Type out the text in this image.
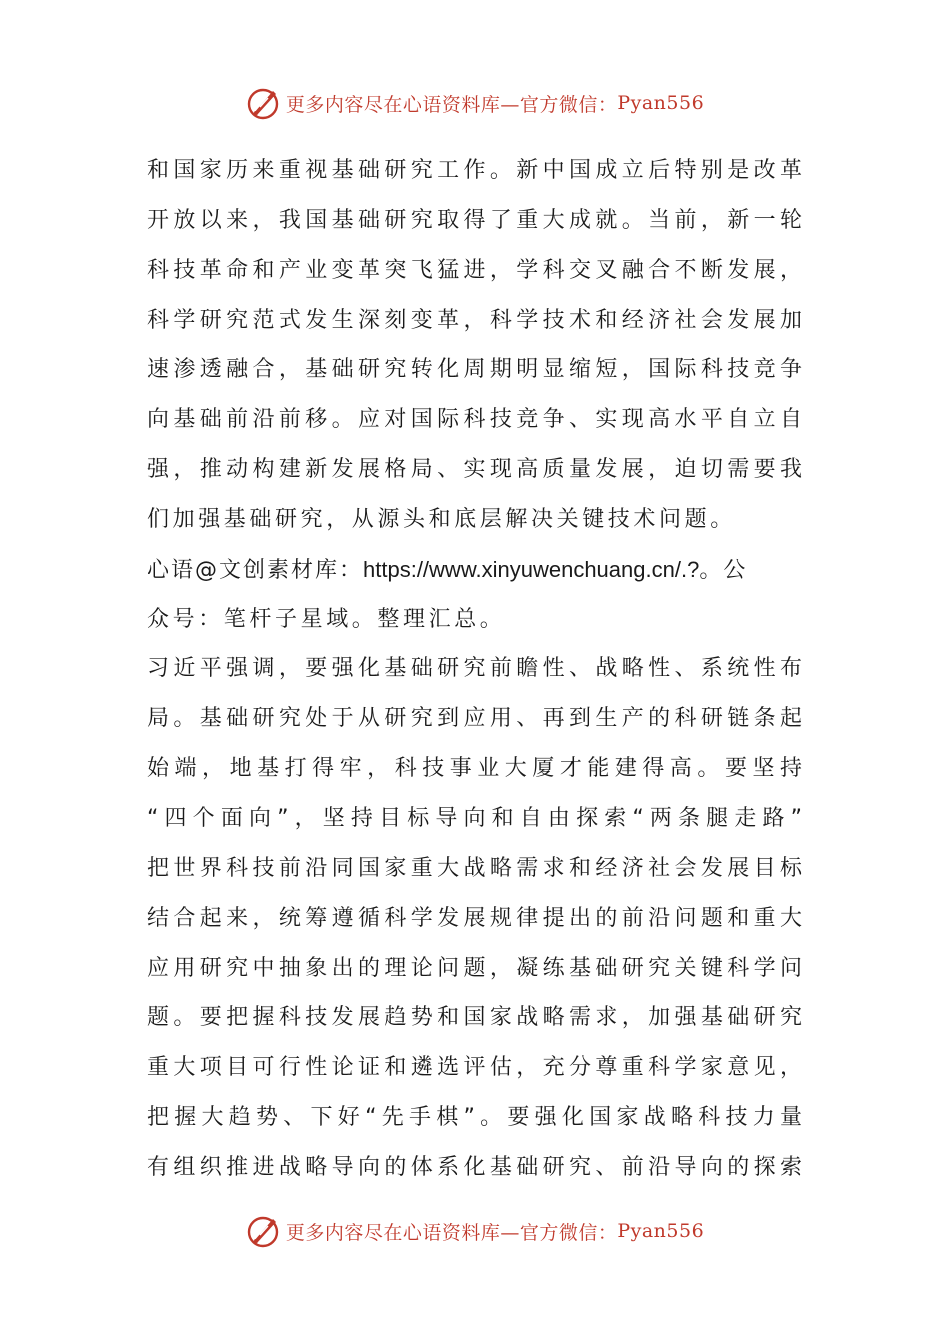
更多内容尽在心语资料库—官方微信： Pyan556
和国家历来重视基础研究工作。新中国成立后特别是改革
开放以来，我国基础研究取得了重大成就。当前，新一轮
科技革命和产业变革突飞猛进，学科交叉融合不断发展，
科学研究范式发生深刻变革，科学技术和经济社会发展加
速渗透融合，基础研究转化周期明显缩短，国际科技竞争
向基础前沿前移。应对国际科技竞争、实现高水平自立自
强，推动构建新发展格局、实现高质量发展，迫切需要我
们加强基础研究，从源头和底层解决关键技术问题。
心语@文创素材库：https://www.xinyuwenchuang.cn/.?。公
众号：笔杆子星域。整理汇总。
习近平强调，要强化基础研究前瞻性、战略性、系统性布
局。基础研究处于从研究到应用、再到生产的科研链条起
始端，地基打得牢，科技事业大厦才能建得高。要坚持
“四个面向”，坚持目标导向和自由探索“两条腿走路”
把世界科技前沿同国家重大战略需求和经济社会发展目标
结合起来，统筹遵循科学发展规律提出的前沿问题和重大
应用研究中抽象出的理论问题，凝练基础研究关键科学问
题。要把握科技发展趋势和国家战略需求，加强基础研究
重大项目可行性论证和遴选评估，充分尊重科学家意见，
把握大趋势、下好“先手棋”。要强化国家战略科技力量
有组织推进战略导向的体系化基础研究、前沿导向的探索
更多内容尽在心语资料库—官方微信： Pyan556
